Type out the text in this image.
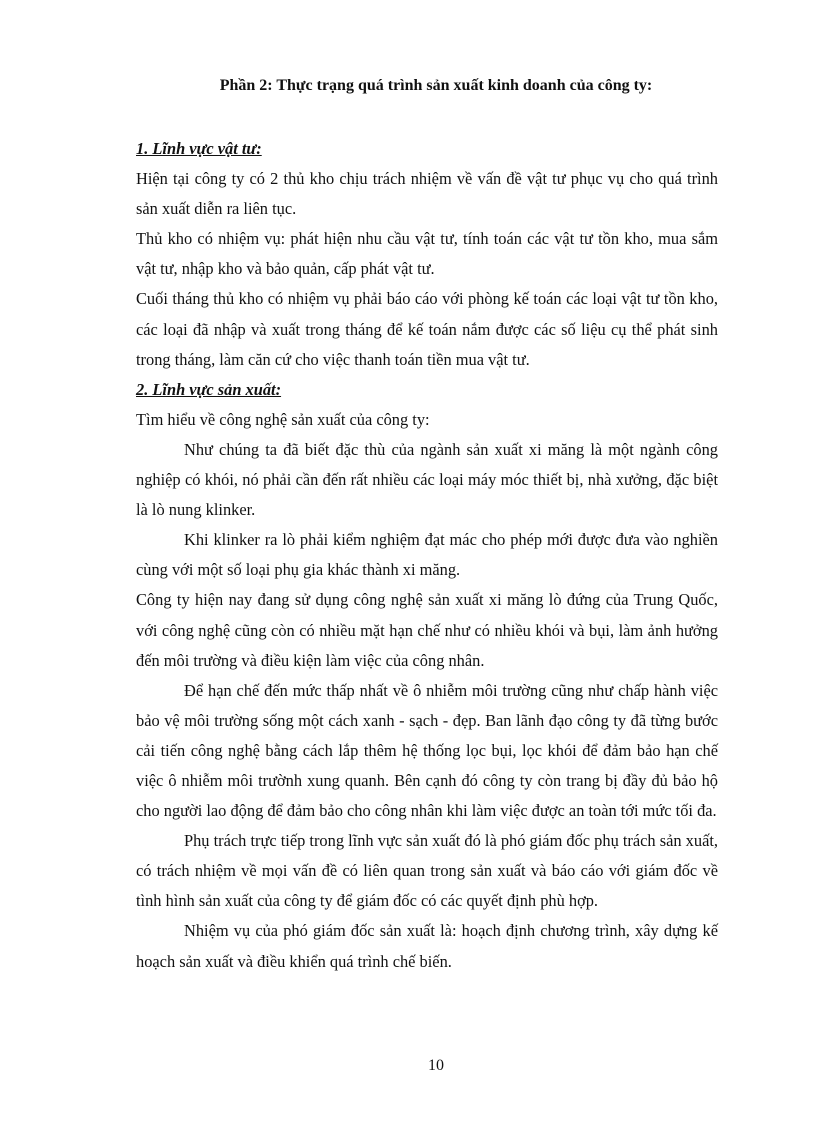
Phần 2: Thực trạng quá trình sản xuất kinh doanh của công ty:

1. Lĩnh vực vật tư:

Hiện tại công ty có 2 thủ kho chịu trách nhiệm về vấn đề vật tư phục vụ cho quá trình sản xuất diễn ra liên tục.

Thủ kho có nhiệm vụ: phát hiện nhu cầu vật tư, tính toán các vật tư tồn kho, mua sắm vật tư, nhập kho và bảo quản, cấp phát vật tư.

Cuối tháng thủ kho có nhiệm vụ phải báo cáo với phòng kế toán các loại vật tư tồn kho, các loại đã nhập và xuất trong tháng để kế toán nắm được các số liệu cụ thể phát sinh trong tháng, làm căn cứ cho việc thanh toán tiền mua vật tư.

2. Lĩnh vực sản xuất:

Tìm hiểu về công nghệ sản xuất của công ty:

Như chúng ta đã biết đặc thù của ngành sản xuất xi măng là một ngành công nghiệp có khói, nó phải cần đến rất nhiều các loại máy móc thiết bị, nhà xưởng, đặc biệt là lò nung klinker.

Khi klinker ra lò phải kiểm nghiệm đạt mác cho phép mới được đưa vào nghiền cùng với một số loại phụ gia khác thành xi măng.

Công ty hiện nay đang sử dụng công nghệ sản xuất xi măng lò đứng của Trung Quốc, với công nghệ cũng còn có nhiều mặt hạn chế như có nhiều khói và bụi, làm ảnh hưởng đến môi trường và điều kiện làm việc của công nhân.

Để hạn chế đến mức thấp nhất về ô nhiễm môi trường cũng như chấp hành việc bảo vệ môi trường sống một cách xanh - sạch - đẹp. Ban lãnh đạo công ty đã từng bước cải tiến công nghệ bằng cách lắp thêm hệ thống lọc bụi, lọc khói để đảm bảo hạn chế việc ô nhiễm môi trườnh xung quanh. Bên cạnh đó công ty còn trang bị đầy đủ bảo hộ cho người lao động để đảm bảo cho công nhân khi làm việc được an toàn tới mức tối đa.

Phụ trách trực tiếp trong lĩnh vực sản xuất đó là phó giám đốc phụ trách sản xuất, có trách nhiệm về mọi vấn đề có liên quan trong sản xuất và báo cáo với giám đốc về tình hình sản xuất của công ty để giám đốc có các quyết định phù hợp.

Nhiệm vụ của phó giám đốc sản xuất là: hoạch định chương trình, xây dựng kế hoạch sản xuất và điều khiển quá trình chế biến.

10
